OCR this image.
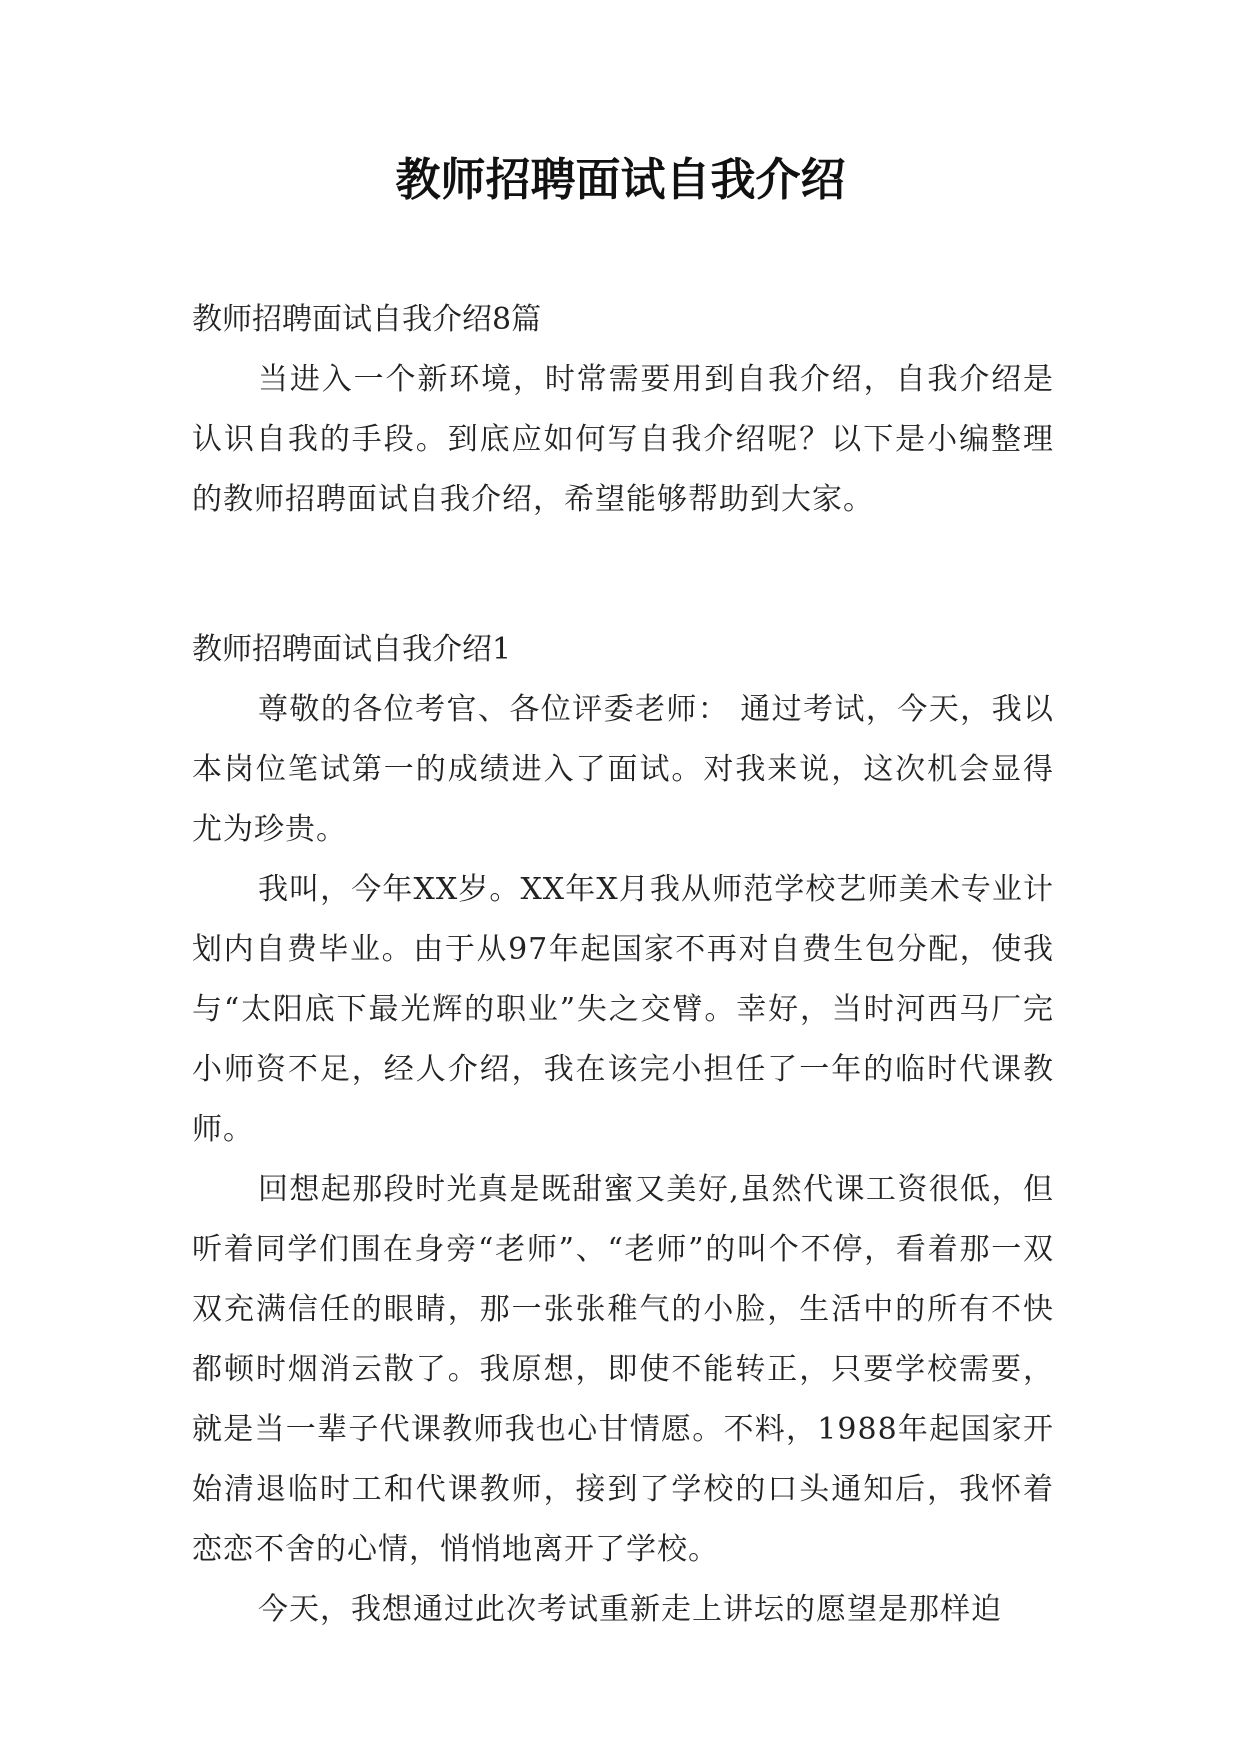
教师招聘面试自我介绍

教师招聘面试自我介绍8篇

当进入一个新环境，时常需要用到自我介绍，自我介绍是认识自我的手段。到底应如何写自我介绍呢？以下是小编整理的教师招聘面试自我介绍，希望能够帮助到大家。

教师招聘面试自我介绍1

尊敬的各位考官、各位评委老师： 通过考试，今天，我以本岗位笔试第一的成绩进入了面试。对我来说，这次机会显得尤为珍贵。

我叫，今年XX岁。XX年X月我从师范学校艺师美术专业计划内自费毕业。由于从97年起国家不再对自费生包分配，使我与“太阳底下最光辉的职业”失之交臂。幸好，当时河西马厂完小师资不足，经人介绍，我在该完小担任了一年的临时代课教师。

回想起那段时光真是既甜蜜又美好,虽然代课工资很低，但听着同学们围在身旁“老师”、“老师”的叫个不停，看着那一双双充满信任的眼睛，那一张张稚气的小脸，生活中的所有不快都顿时烟消云散了。我原想，即使不能转正，只要学校需要，就是当一辈子代课教师我也心甘情愿。不料，1988年起国家开始清退临时工和代课教师，接到了学校的口头通知后，我怀着恋恋不舍的心情，悄悄地离开了学校。

今天，我想通过此次考试重新走上讲坛的愿望是那样迫
